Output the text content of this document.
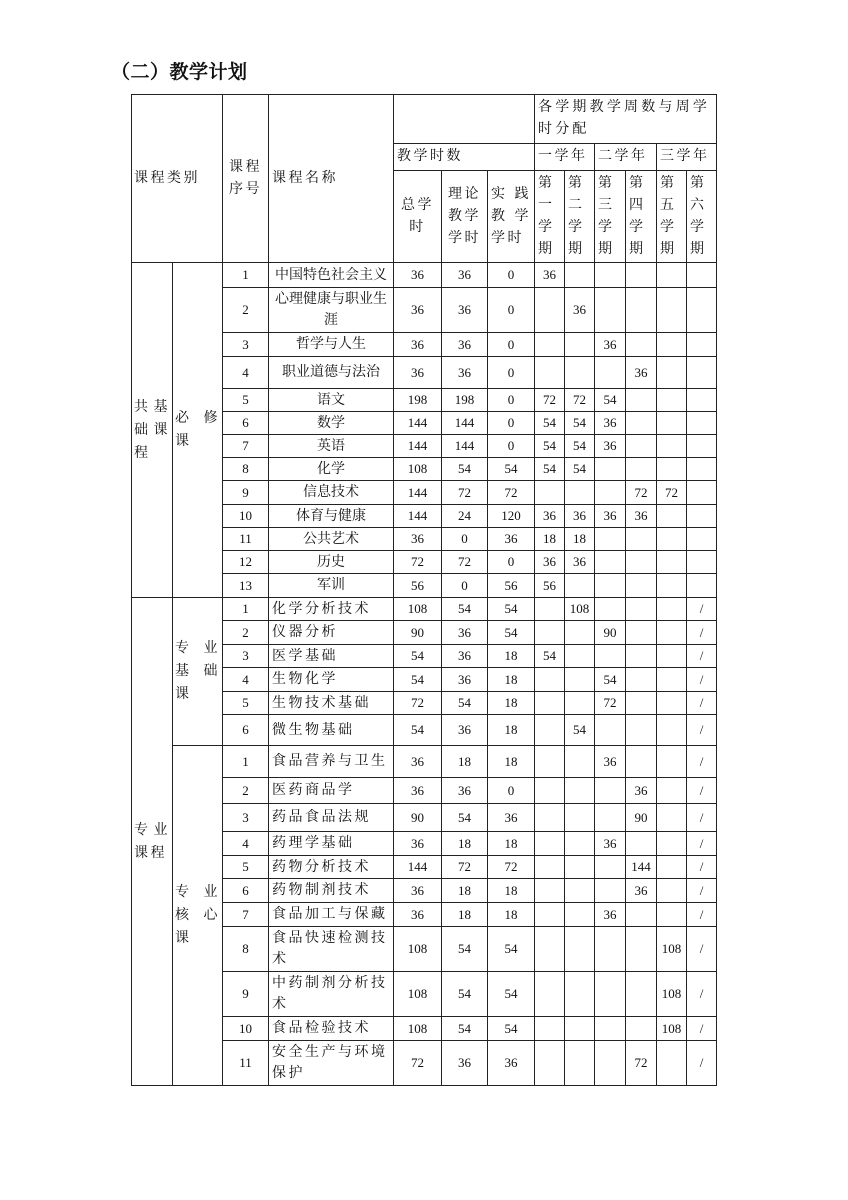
（二）教学计划
课程类别		课程序号	课程名称				各学期教学周数与周学时分配					
				教学时数			一学年		二学年		三学年	
				总学时	理论教学学时	实践教学学时	第一学期	第二学期	第三学期	第四学期	第五学期	第六学期
共基础课程	必修课	1	中国特色社会主义	36	36	0	36					
		2	心理健康与职业生涯	36	36	0		36				
		3	哲学与人生	36	36	0			36			
		4	职业道德与法治	36	36	0				36		
		5	语文	198	198	0	72	72	54			
		6	数学	144	144	0	54	54	36			
		7	英语	144	144	0	54	54	36			
		8	化学	108	54	54	54	54				
		9	信息技术	144	72	72				72	72	
		10	体育与健康	144	24	120	36	36	36	36		
		11	公共艺术	36	0	36	18	18				
		12	历史	72	72	0	36	36				
		13	军训	56	0	56	56					
专业课程	专业基础课	1	化学分析技术	108	54	54		108				/
		2	仪器分析	90	36	54			90			/
		3	医学基础	54	36	18	54					/
		4	生物化学	54	36	18			54			/
		5	生物技术基础	72	54	18			72			/
		6	微生物基础	54	36	18		54				/
	专业核心课	1	食品营养与卫生	36	18	18			36			/
		2	医药商品学	36	36	0				36		/
		3	药品食品法规	90	54	36				90		/
		4	药理学基础	36	18	18			36			/
		5	药物分析技术	144	72	72				144		/
		6	药物制剂技术	36	18	18				36		/
		7	食品加工与保藏	36	18	18			36			/
		8	食品快速检测技术	108	54	54					108	/
		9	中药制剂分析技术	108	54	54					108	/
		10	食品检验技术	108	54	54					108	/
		11	安全生产与环境保护	72	36	36				72		/
